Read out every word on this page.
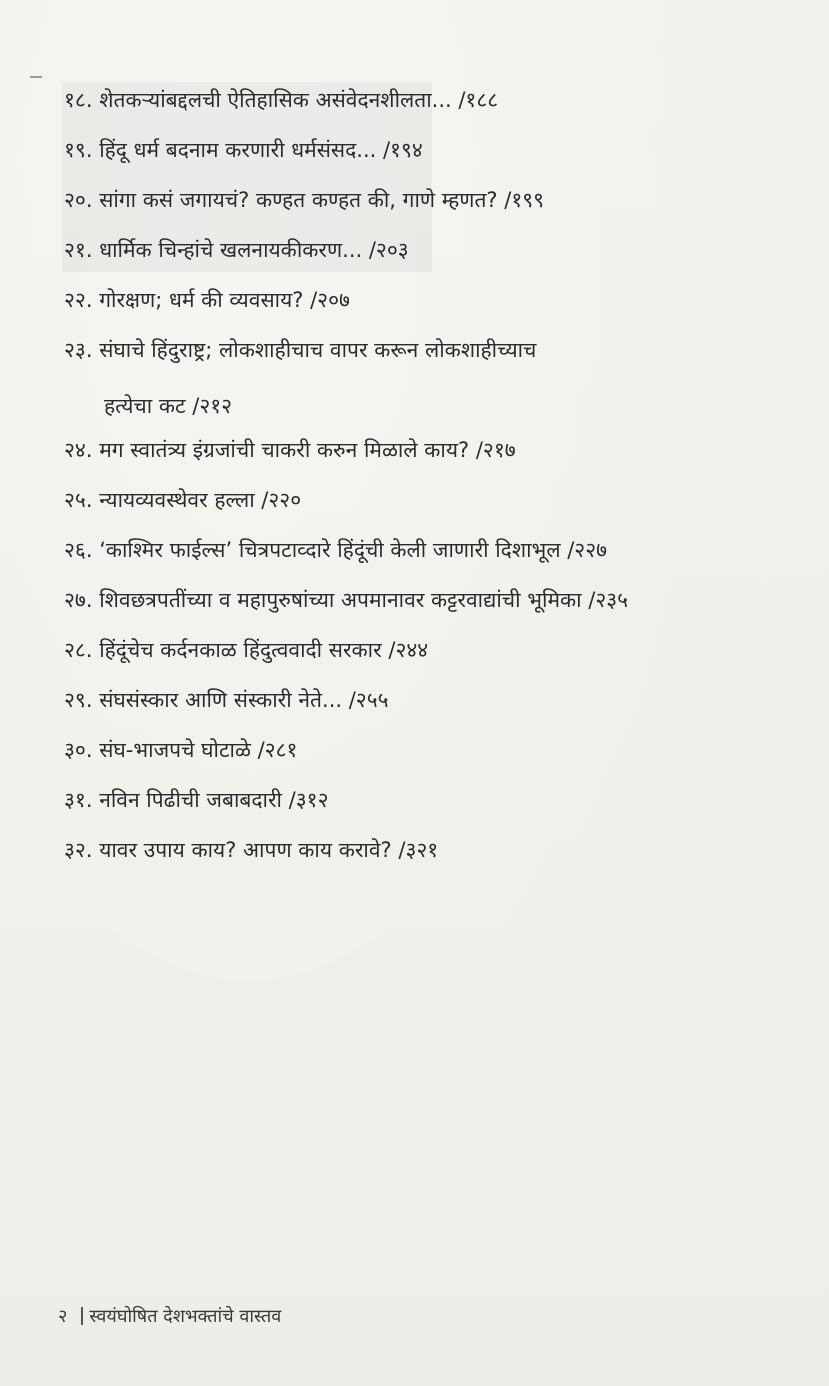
१८. शेतकऱ्यांबद्दलची ऐतिहासिक असंवेदनशीलता... /१८८
१९. हिंदू धर्म बदनाम करणारी धर्मसंसद... /१९४
२०. सांगा कसं जगायचं? कण्हत कण्हत की, गाणे म्हणत? /१९९
२१. धार्मिक चिन्हांचे खलनायकीकरण... /२०३
२२. गोरक्षण; धर्म की व्यवसाय? /२०७
२३. संघाचे हिंदुराष्ट्र; लोकशाहीचाच वापर करून लोकशाहीच्याच
हत्येचा कट /२१२
२४. मग स्वातंत्र्य इंग्रजांची चाकरी करुन मिळाले काय? /२१७
२५. न्यायव्यवस्थेवर हल्ला /२२०
२६. ‘काश्मिर फाईल्स’ चित्रपटाव्दारे हिंदूंची केली जाणारी दिशाभूल /२२७
२७. शिवछत्रपतींच्या व महापुरुषांच्या अपमानावर कट्टरवाद्यांची भूमिका /२३५
२८. हिंदूंचेच कर्दनकाळ हिंदुत्ववादी सरकार /२४४
२९. संघसंस्कार आणि संस्कारी नेते... /२५५
३०. संघ-भाजपचे घोटाळे /२८१
३१. नविन पिढीची जबाबदारी /३१२
३२. यावर उपाय काय? आपण काय करावे? /३२१
२ स्वयंघोषित देशभक्तांचे वास्तव
